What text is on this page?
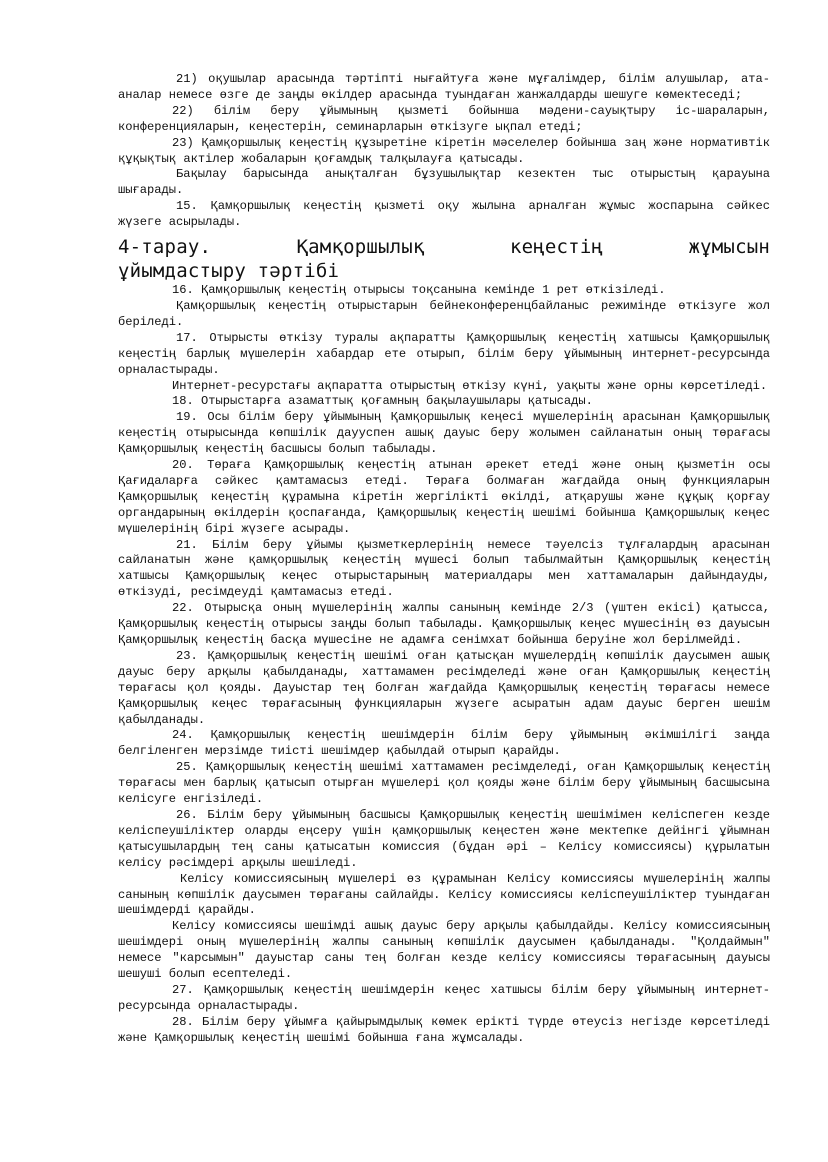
21) оқушылар арасында тәртіпті нығайтуға және мұғалімдер, білім алушылар, ата-аналар немесе өзге де заңды өкілдер арасында туындаған жанжалдарды шешуге көмектеседі;

22) білім беру ұйымының қызметі бойынша мәдени-сауықтыру іс-шараларын, конференцияларын, кеңестерін, семинарларын өткізуге ықпал етеді;

23) Қамқоршылық кеңестің құзыретіне кіретін мәселелер бойынша заң және нормативтік құқықтық актілер жобаларын қоғамдық талқылауға қатысады.

Бақылау барысында анықталған бұзушылықтар кезектен тыс отырыстың қарауына шығарады.

15. Қамқоршылық кеңестің қызметі оқу жылына арналған жұмыс жоспарына сәйкес жүзеге асырылады.

4-тарау. Қамқоршылық кеңестің жұмысын
ұйымдастыру тәртібі

16. Қамқоршылық кеңестің отырысы тоқсанына кемінде 1 рет өткізіледі.

Қамқоршылық кеңестің отырыстарын бейнеконференцбайланыс режимінде өткізуге жол беріледі.

17. Отырысты өткізу туралы ақпаратты Қамқоршылық кеңестің хатшысы Қамқоршылық кеңестің барлық мүшелерін хабардар ете отырып, білім беру ұйымының интернет-ресурсында орналастырады.

Интернет-ресурстағы ақпаратта отырыстың өткізу күні, уақыты және орны көрсетіледі.

18. Отырыстарға азаматтық қоғамның бақылаушылары қатысады.

19. Осы білім беру ұйымының Қамқоршылық кеңесі мүшелерінің арасынан Қамқоршылық кеңестің отырысында көпшілік даууспен ашық дауыс беру жолымен сайланатын оның төрағасы Қамқоршылық кеңестің басшысы болып табылады.

20. Төраға Қамқоршылық кеңестің атынан әрекет етеді және оның қызметін осы Қағидаларға сәйкес қамтамасыз етеді. Төраға болмаған жағдайда оның функцияларын Қамқоршылық кеңестің құрамына кіретін жергілікті өкілді, атқарушы және құқық қорғау органдарының өкілдерін қоспағанда, Қамқоршылық кеңестің шешімі бойынша Қамқоршылық кеңес мүшелерінің бірі жүзеге асырады.

21. Білім беру ұйымы қызметкерлерінің немесе тәуелсіз тұлғалардың арасынан сайланатын және қамқоршылық кеңестің мүшесі болып табылмайтын Қамқоршылық кеңестің хатшысы Қамқоршылық кеңес отырыстарының материалдары мен хаттамаларын дайындауды, өткізуді, ресімдеуді қамтамасыз етеді.

22. Отырысқа оның мүшелерінің жалпы санының кемінде 2/3 (үштен екісі) қатысса, Қамқоршылық кеңестің отырысы заңды болып табылады. Қамқоршылық кеңес мүшесінің өз дауысын Қамқоршылық кеңестің басқа мүшесіне не адамға сенімхат бойынша беруіне жол берілмейді.

23. Қамқоршылық кеңестің шешімі оған қатысқан мүшелердің көпшілік даусымен ашық дауыс беру арқылы қабылданады, хаттамамен ресімделеді және оған Қамқоршылық кеңестің төрағасы қол қояды. Дауыстар тең болған жағдайда Қамқоршылық кеңестің төрағасы немесе Қамқоршылық кеңес төрағасының функцияларын жүзеге асыратын адам дауыс берген шешім қабылданады.

24. Қамқоршылық кеңестің шешімдерін білім беру ұйымының әкімшілігі заңда белгіленген мерзімде тиісті шешімдер қабылдай отырып қарайды.

25. Қамқоршылық кеңестің шешімі хаттамамен ресімделеді, оған Қамқоршылық кеңестің төрағасы мен барлық қатысып отырған мүшелері қол қояды және білім беру ұйымының басшысына келісуге енгізіледі.

26. Білім беру ұйымының басшысы Қамқоршылық кеңестің шешімімен келіспеген кезде келіспеушіліктер оларды еңсеру үшін қамқоршылық кеңестен және мектепке дейінгі ұйымнан қатысушылардың тең саны қатысатын комиссия (бұдан әрі – Келісу комиссиясы) құрылатын келісу рәсімдері арқылы шешіледі.

Келісу комиссиясының мүшелері өз құрамынан Келісу комиссиясы мүшелерінің жалпы санының көпшілік даусымен төрағаны сайлайды. Келісу комиссиясы келіспеушіліктер туындаған шешімдерді қарайды.

Келісу комиссиясы шешімді ашық дауыс беру арқылы қабылдайды. Келісу комиссиясының шешімдері оның мүшелерінің жалпы санының көпшілік даусымен қабылданады. "Қолдаймын" немесе "карсымын" дауыстар саны тең болған кезде келісу комиссиясы төрағасының дауысы шешуші болып есептеледі.

27. Қамқоршылық кеңестің шешімдерін кеңес хатшысы білім беру ұйымының интернет-ресурсында орналастырады.

28. Білім беру ұйымға қайырымдылық көмек ерікті түрде өтеусіз негізде көрсетіледі және Қамқоршылық кеңестің шешімі бойынша ғана жұмсалады.
